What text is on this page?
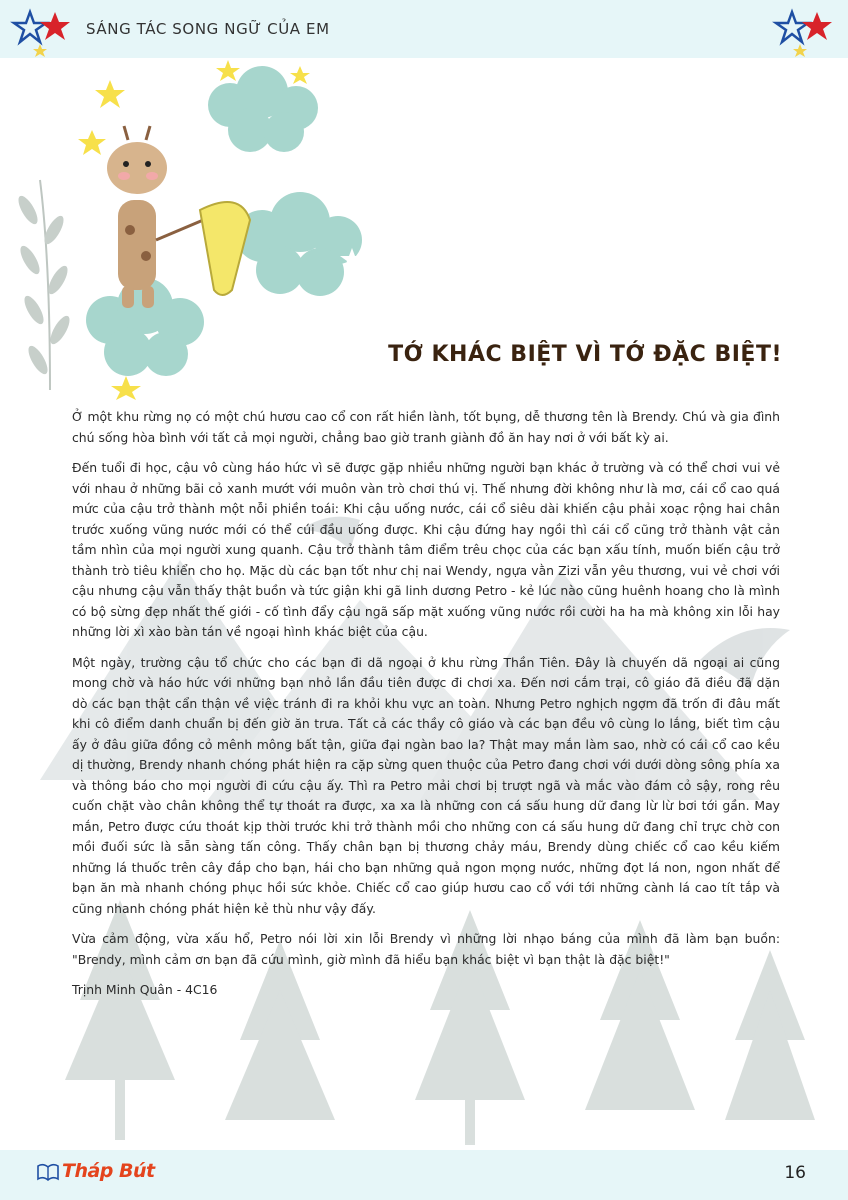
SÁNG TÁC SONG NGỮ CỦA EM
TỚ KHÁC BIỆT VÌ TỚ ĐẶC BIỆT!

Ở một khu rừng nọ có một chú hươu cao cổ con rất hiền lành, tốt bụng, dễ thương tên là Brendy. Chú và gia đình chú sống hòa bình với tất cả mọi người, chẳng bao giờ tranh giành đồ ăn hay nơi ở với bất kỳ ai.

Đến tuổi đi học, cậu vô cùng háo hức vì sẽ được gặp nhiều những người bạn khác ở trường và có thể chơi vui vẻ với nhau ở những bãi cỏ xanh mướt với muôn vàn trò chơi thú vị. Thế nhưng đời không như là mơ, cái cổ cao quá mức của cậu trở thành một nỗi phiền toái: Khi cậu uống nước, cái cổ siêu dài khiến cậu phải xoạc rộng hai chân trước xuống vũng nước mới có thể cúi đầu uống được. Khi cậu đứng hay ngồi thì cái cổ cũng trở thành vật cản tầm nhìn của mọi người xung quanh. Cậu trở thành tâm điểm trêu chọc của các bạn xấu tính, muốn biến cậu trở thành trò tiêu khiển cho họ. Mặc dù các bạn tốt như chị nai Wendy, ngựa vằn Zizi vẫn yêu thương, vui vẻ chơi với cậu nhưng cậu vẫn thấy thật buồn và tức giận khi gã linh dương Petro - kẻ lúc nào cũng huênh hoang cho là mình có bộ sừng đẹp nhất thế giới - cố tình đẩy cậu ngã sấp mặt xuống vũng nước rồi cười ha ha mà không xin lỗi hay những lời xì xào bàn tán về ngoại hình khác biệt của cậu.

Một ngày, trường cậu tổ chức cho các bạn đi dã ngoại ở khu rừng Thần Tiên. Đây là chuyến dã ngoại ai cũng mong chờ và háo hức với những bạn nhỏ lần đầu tiên được đi chơi xa. Đến nơi cắm trại, cô giáo đã điều đã dặn dò các bạn thật cẩn thận về việc tránh đi ra khỏi khu vực an toàn. Nhưng Petro nghịch ngợm đã trốn đi đâu mất khi cô điểm danh chuẩn bị đến giờ ăn trưa. Tất cả các thầy cô giáo và các bạn đều vô cùng lo lắng, biết tìm cậu ấy ở đâu giữa đồng cỏ mênh mông bất tận, giữa đại ngàn bao la? Thật may mắn làm sao, nhờ có cái cổ cao kều dị thường, Brendy nhanh chóng phát hiện ra cặp sừng quen thuộc của Petro đang chơi với dưới dòng sông phía xa và thông báo cho mọi người đi cứu cậu ấy. Thì ra Petro mải chơi bị trượt ngã và mắc vào đám cỏ sậy, rong rêu cuốn chặt vào chân không thể tự thoát ra được, xa xa là những con cá sấu hung dữ đang lừ lừ bơi tới gần. May mắn, Petro được cứu thoát kịp thời trước khi trở thành mồi cho những con cá sấu hung dữ đang chỉ trực chờ con mồi đuối sức là sẵn sàng tấn công. Thấy chân bạn bị thương chảy máu, Brendy dùng chiếc cổ cao kều kiếm những lá thuốc trên cây đắp cho bạn, hái cho bạn những quả ngon mọng nước, những đọt lá non, ngon nhất để bạn ăn mà nhanh chóng phục hồi sức khỏe. Chiếc cổ cao giúp hươu cao cổ với tới những cành lá cao tít tắp và cũng nhanh chóng phát hiện kẻ thù như vậy đấy.

Vừa cảm động, vừa xấu hổ, Petro nói lời xin lỗi Brendy vì những lời nhạo báng của mình đã làm bạn buồn: "Brendy, mình cảm ơn bạn đã cứu mình, giờ mình đã hiểu bạn khác biệt vì bạn thật là đặc biệt!"

Trịnh Minh Quân - 4C16

Tháp Bút	16
